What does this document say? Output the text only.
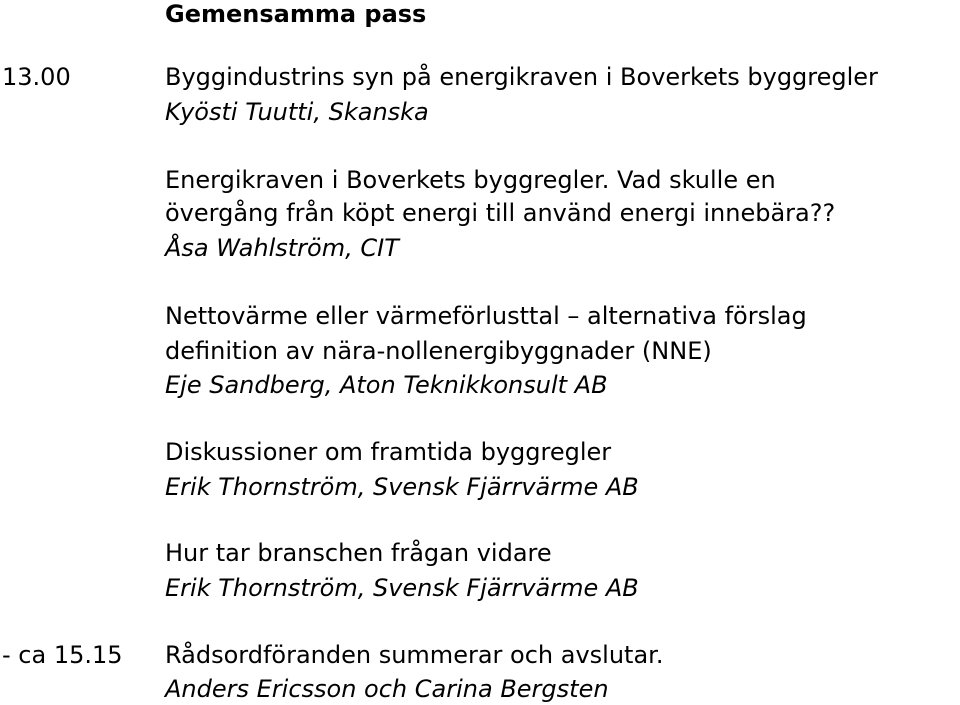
Gemensamma pass
13.00	Byggindustrins syn på energikraven i Boverkets byggregler
Kyösti Tuutti, Skanska
Energikraven i Boverkets byggregler. Vad skulle en
övergång från köpt energi till använd energi innebära??
Åsa Wahlström, CIT
Nettovärme eller värmeförlusttal – alternativa förslag
definition av nära-nollenergibyggnader (NNE)
Eje Sandberg, Aton Teknikkonsult AB
Diskussioner om framtida byggregler
Erik Thornström, Svensk Fjärrvärme AB
Hur tar branschen frågan vidare
Erik Thornström, Svensk Fjärrvärme AB
- ca 15.15 Rådsordföranden summerar och avslutar.
Anders Ericsson och Carina Bergsten
